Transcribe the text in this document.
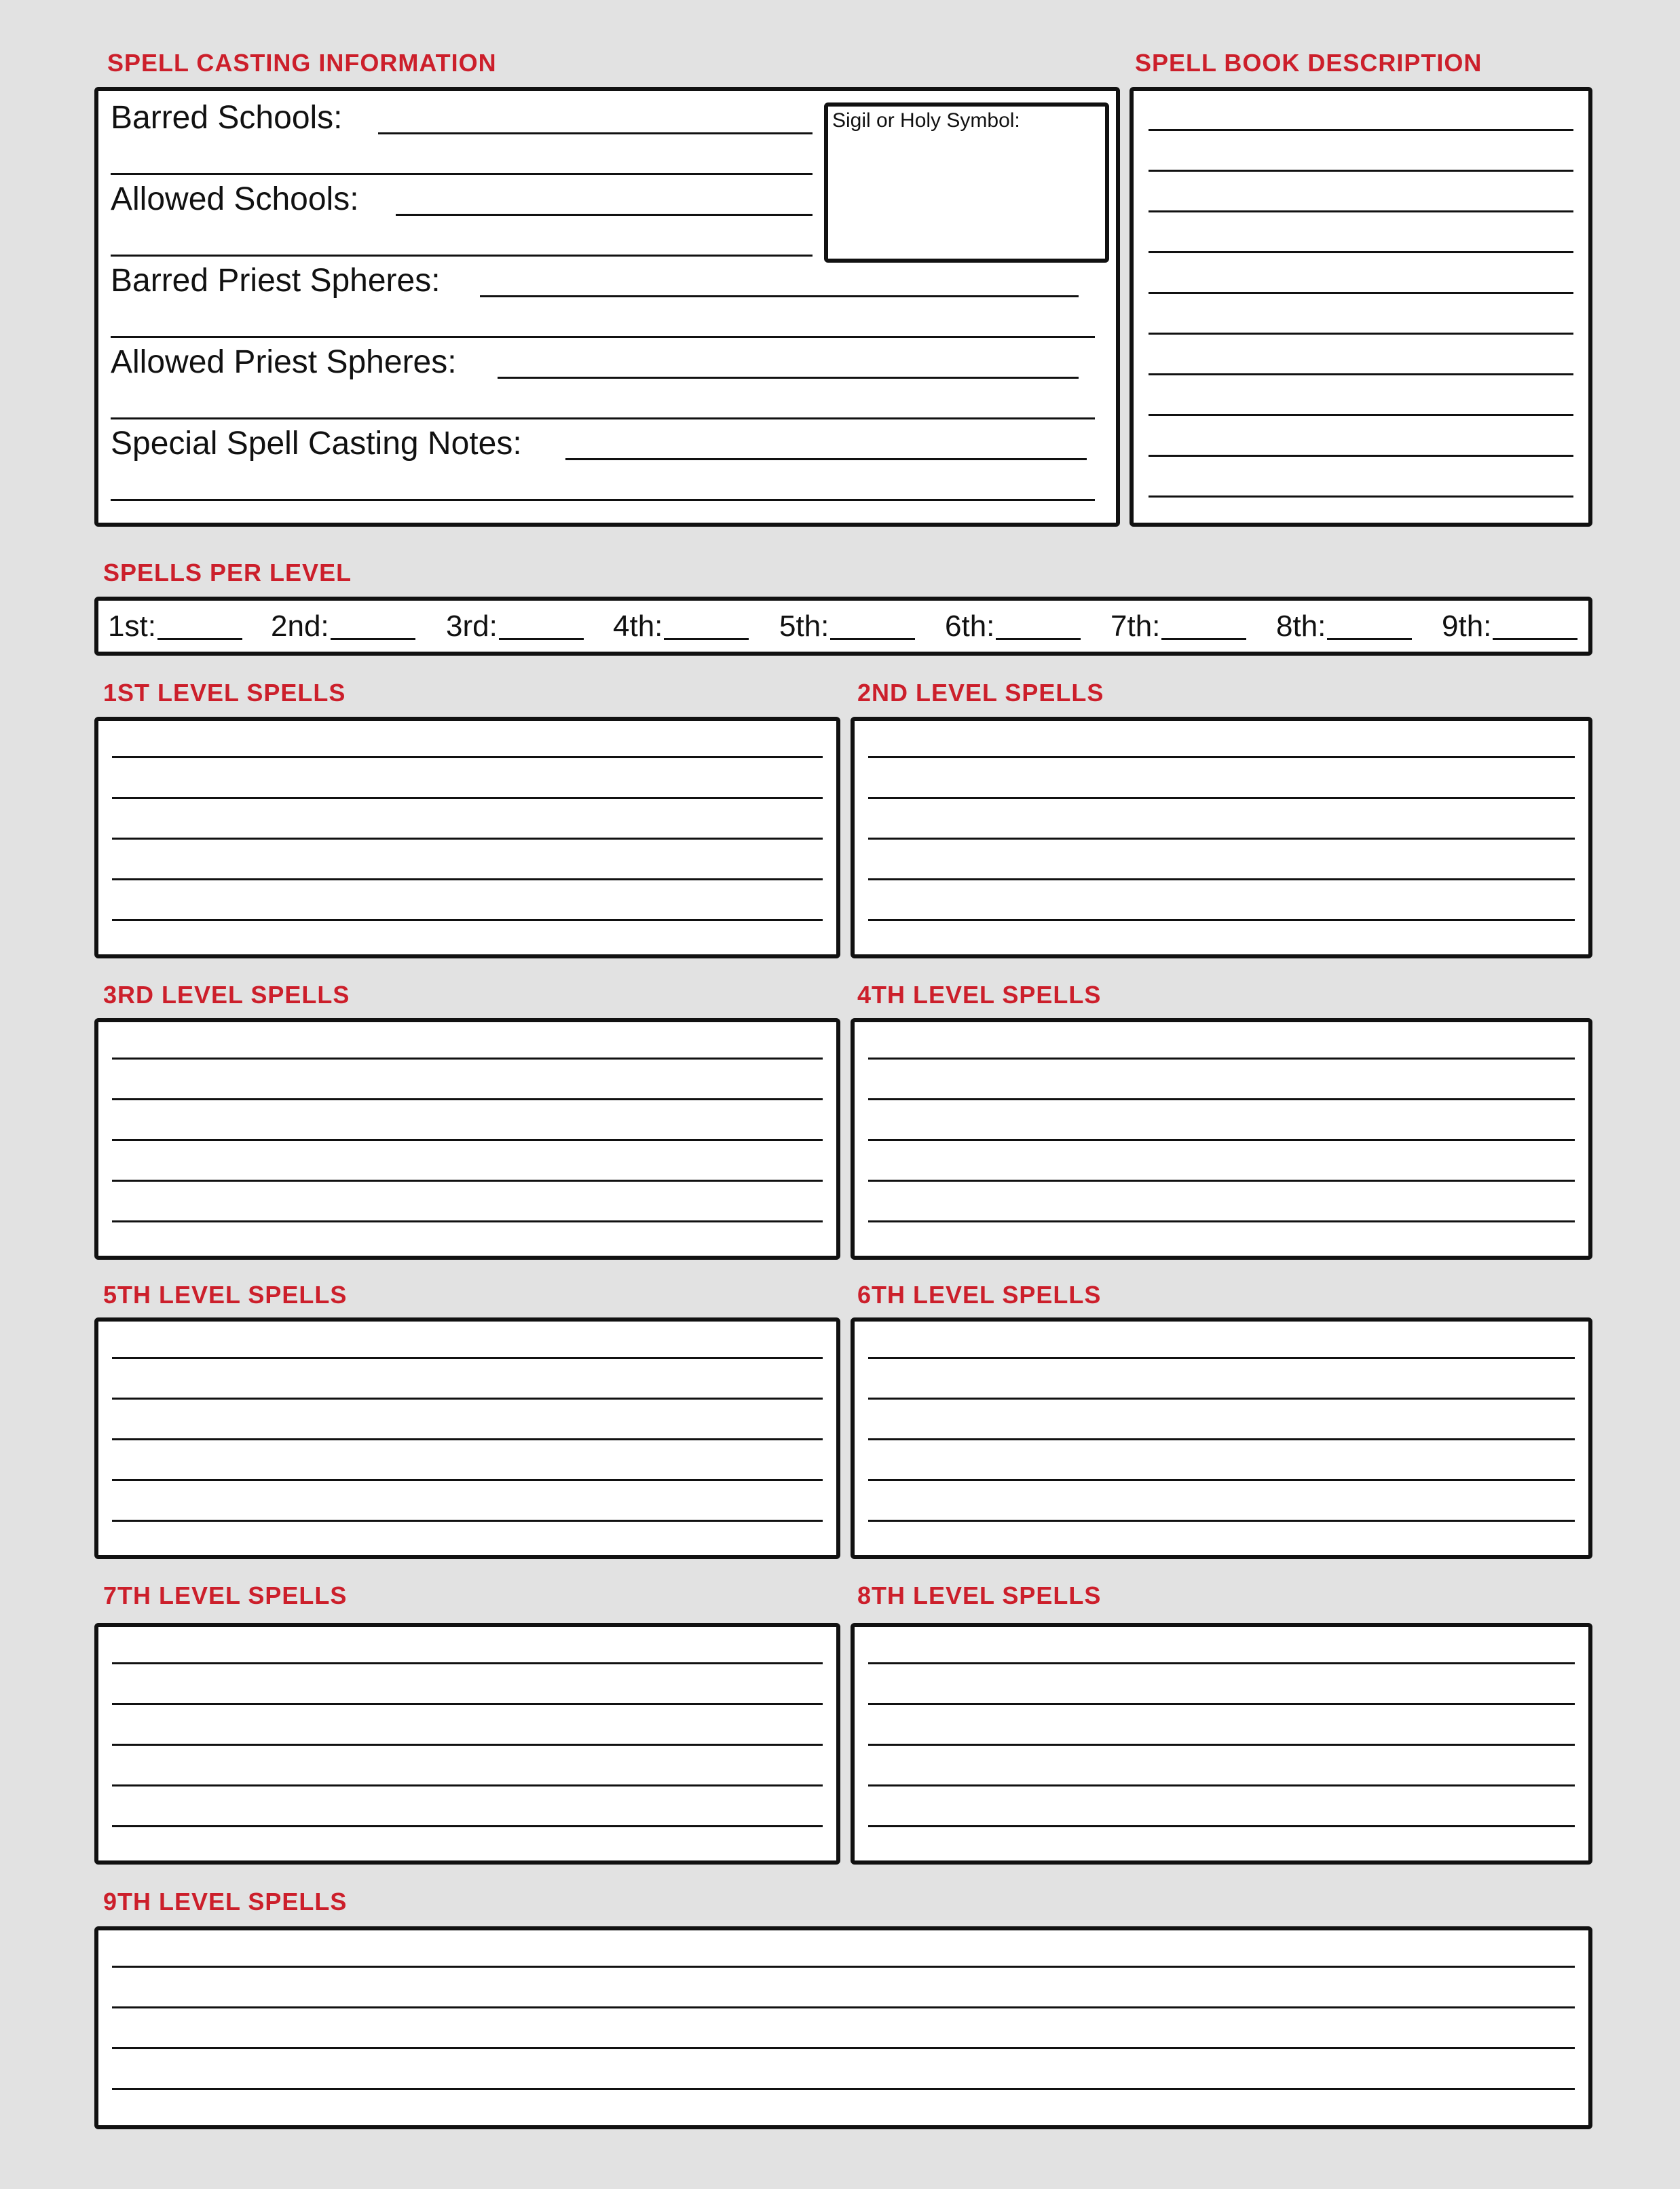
SPELL CASTING INFORMATION
Sigil or Holy Symbol:
Barred Schools:
Allowed Schools:
Barred Priest Spheres:
Allowed Priest Spheres:
Special Spell Casting Notes:
SPELL BOOK DESCRIPTION
SPELLS PER LEVEL
1st:	2nd:	3rd:	4th:	5th:	6th:	7th:	8th:	9th:
1ST LEVEL SPELLS	2ND LEVEL SPELLS
3RD LEVEL SPELLS	4TH LEVEL SPELLS
5TH LEVEL SPELLS	6TH LEVEL SPELLS
7TH LEVEL SPELLS	8TH LEVEL SPELLS
9TH LEVEL SPELLS
